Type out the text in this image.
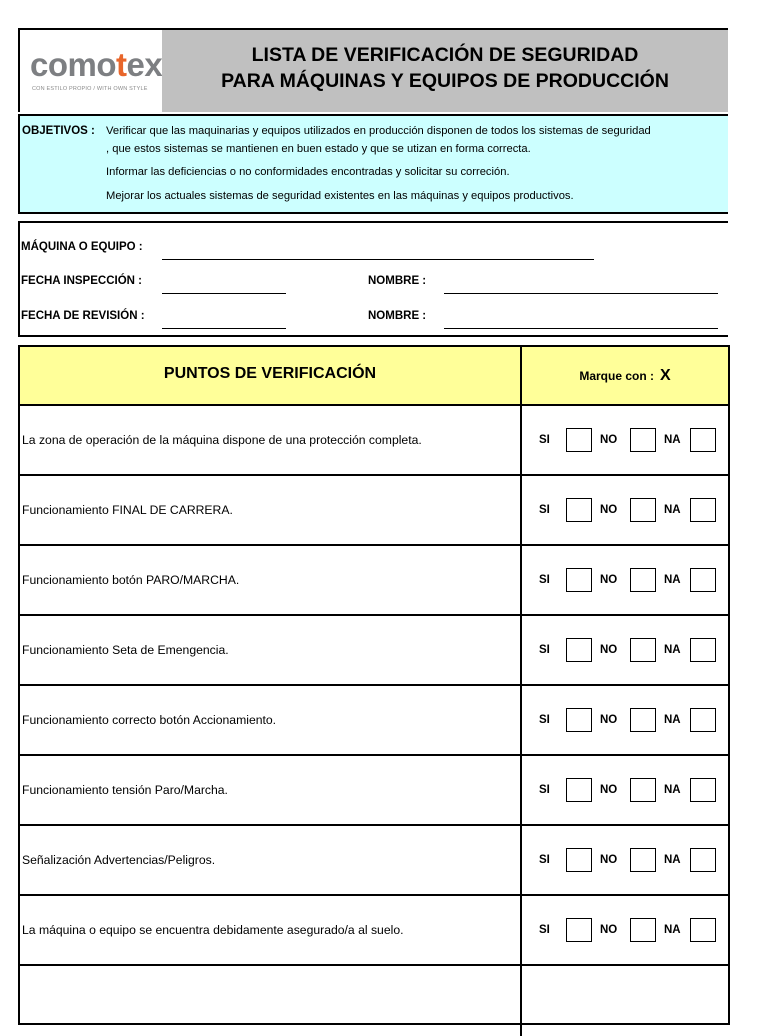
comotex
CON ESTILO PROPIO / WITH OWN STYLE
LISTA DE VERIFICACIÓN DE SEGURIDAD
PARA MÁQUINAS Y EQUIPOS DE PRODUCCIÓN
OBJETIVOS : Verificar que las maquinarias y equipos utilizados en producción disponen de todos los sistemas de seguridad
, que estos sistemas se mantienen en buen estado y que se utizan en forma correcta.
Informar las deficiencias o no conformidades encontradas y solicitar su correción.
Mejorar los actuales sistemas de seguridad existentes en las máquinas y equipos productivos.
MÁQUINA O EQUIPO :
FECHA INSPECCIÓN :	NOMBRE :
FECHA DE REVISIÓN :	NOMBRE :
PUNTOS DE VERIFICACIÓN	Marque con : X
La zona de operación de la máquina dispone de una protección completa.	SI	NO	NA
Funcionamiento FINAL DE CARRERA.	SI	NO	NA
Funcionamiento botón PARO/MARCHA.	SI	NO	NA
Funcionamiento Seta de Emengencia.	SI	NO	NA
Funcionamiento correcto botón Accionamiento.	SI	NO	NA
Funcionamiento tensión Paro/Marcha.	SI	NO	NA
Señalización Advertencias/Peligros.	SI	NO	NA
La máquina o equipo se encuentra debidamente asegurado/a al suelo.	SI	NO	NA
